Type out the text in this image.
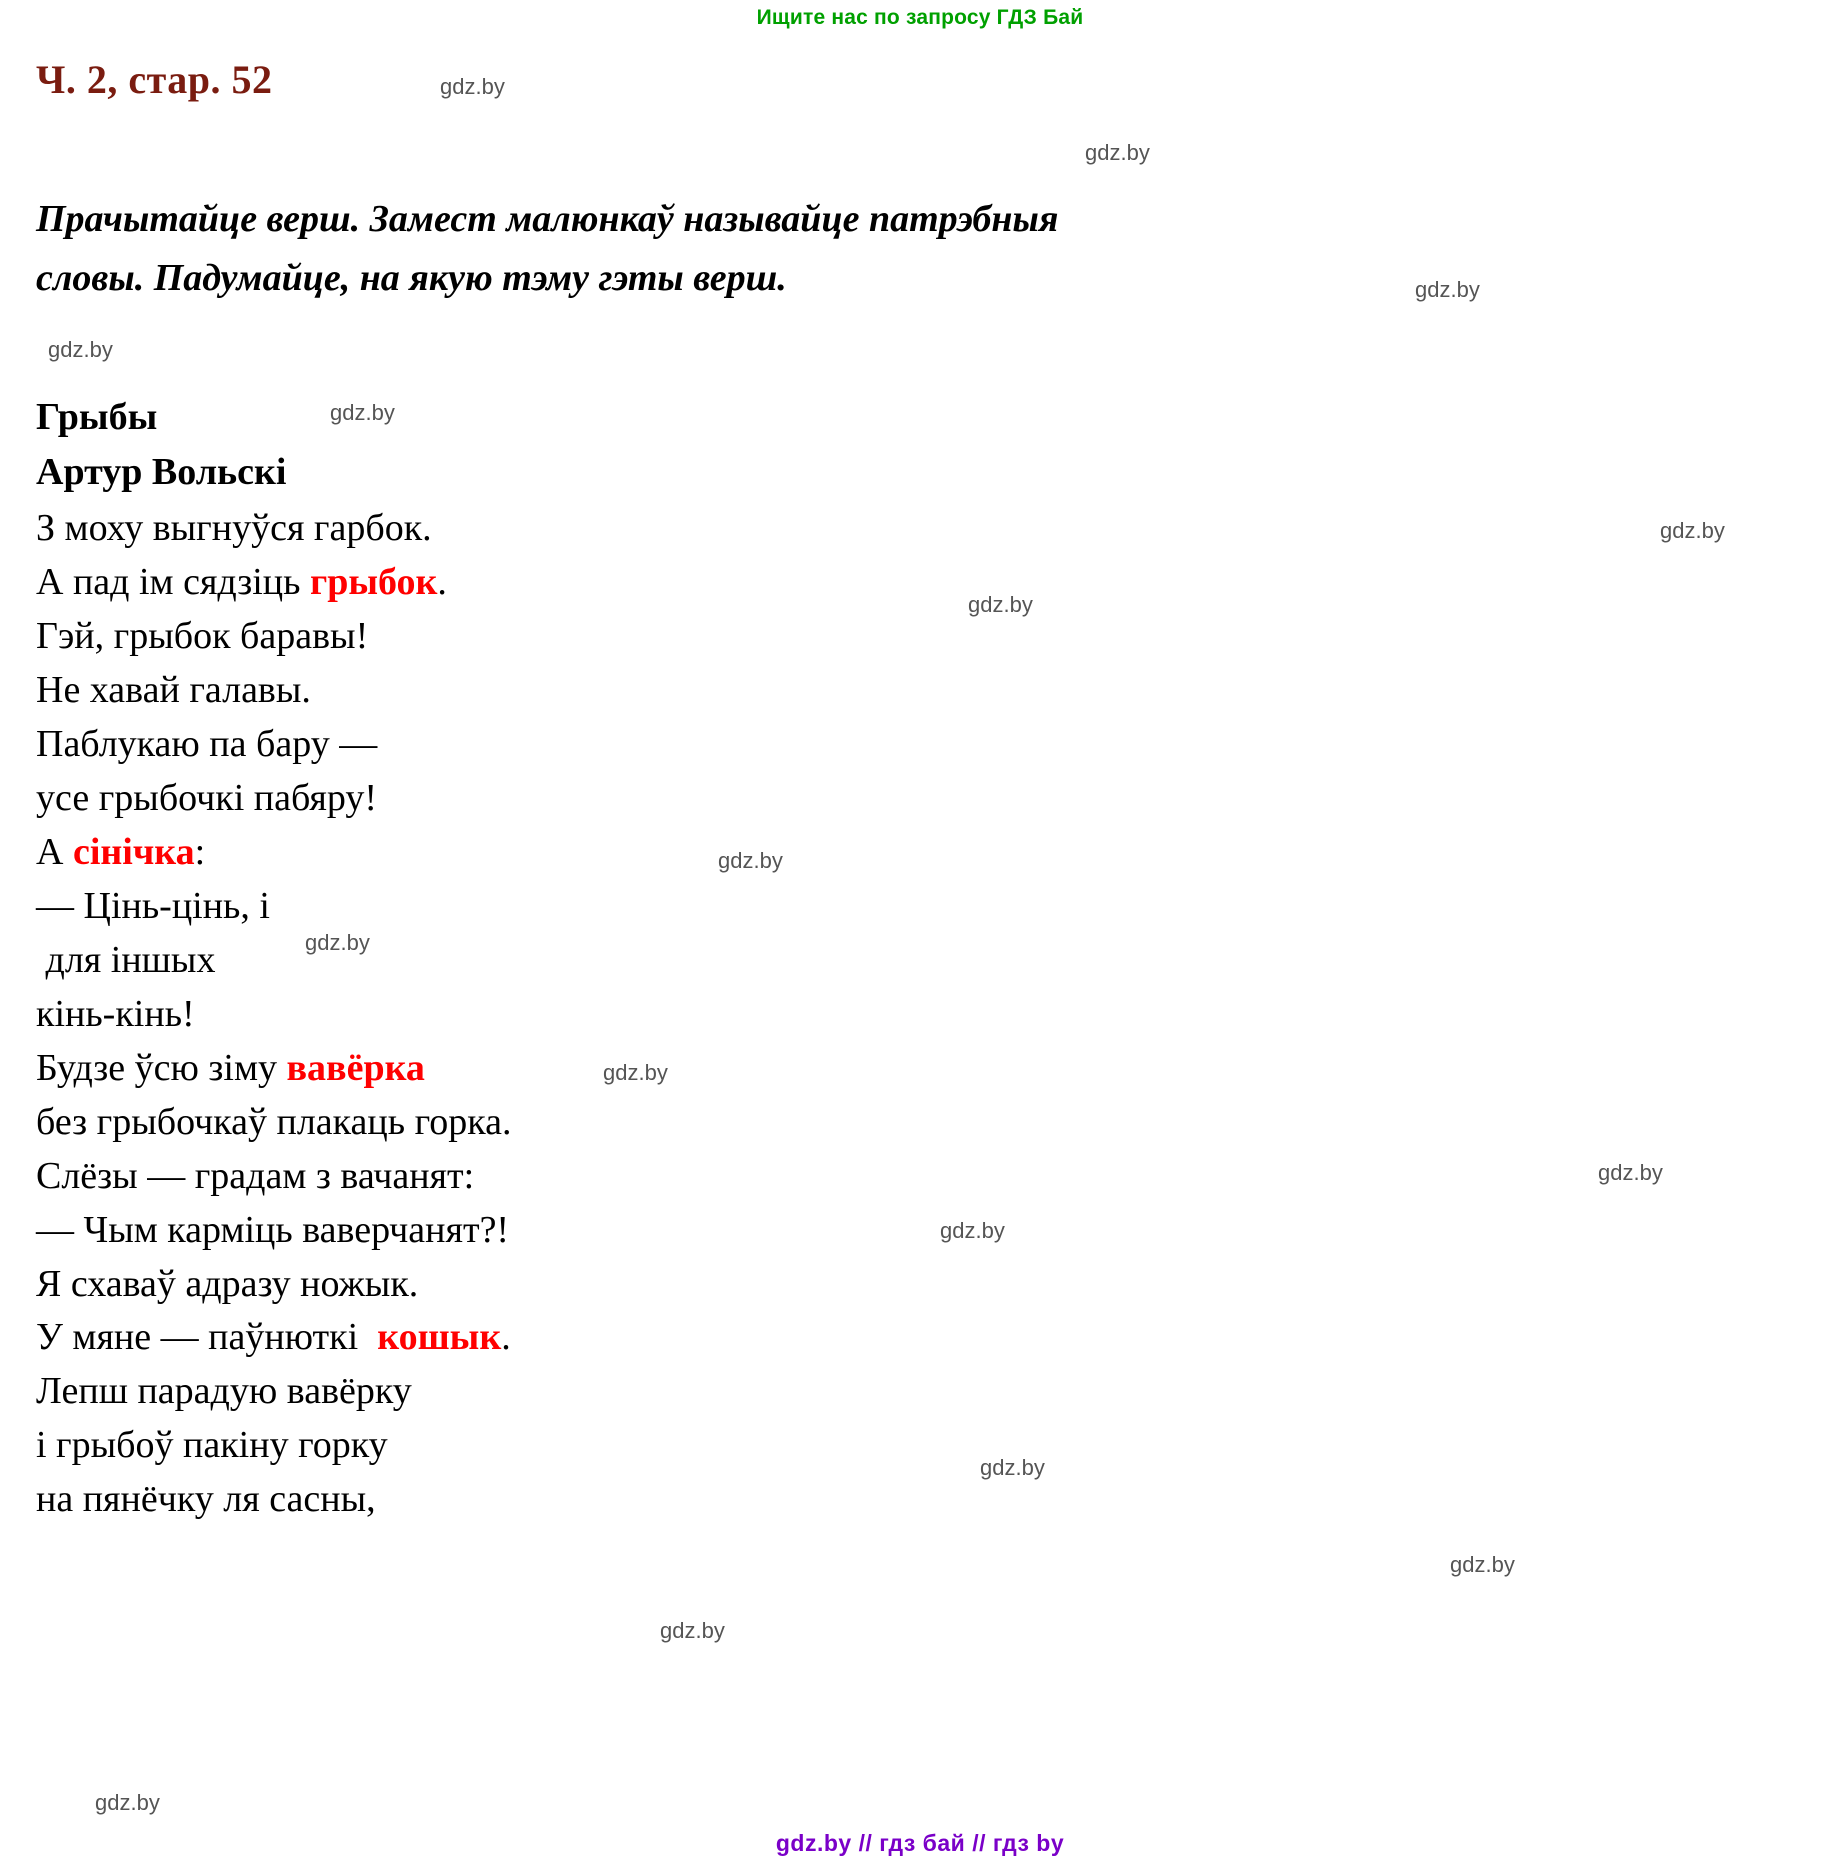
Ищите нас по запросу ГДЗ Бай
Ч. 2, стар. 52
Прачытайце верш. Замест малюнкаў называйце патрэбныя
словы. Падумайце, на якую тэму гэты верш.
Грыбы
Артур Вольскі
З моху выгнуўся гарбок.
А пад ім сядзіць грыбок.
Гэй, грыбок баравы!
Не хавай галавы.
Паблукаю па бару —
усе грыбочкі пабяру!
А сінічка:
— Цінь-цінь, і
для іншых
кінь-кінь!
Будзе ўсю зіму вавёрка
без грыбочкаў плакаць горка.
Слёзы — градам з вачанят:
— Чым карміць ваверчанят?!
Я схаваў адразу ножык.
У мяне — паўнюткі  кошык.
Лепш парадую вавёрку
і грыбоў пакіну горку
на пянёчку ля сасны,
gdz.by
gdz.by
gdz.by
gdz.by
gdz.by
gdz.by
gdz.by
gdz.by
gdz.by
gdz.by
gdz.by
gdz.by
gdz.by
gdz.by
gdz.by
gdz.by
gdz.by // гдз бай // гдз by
